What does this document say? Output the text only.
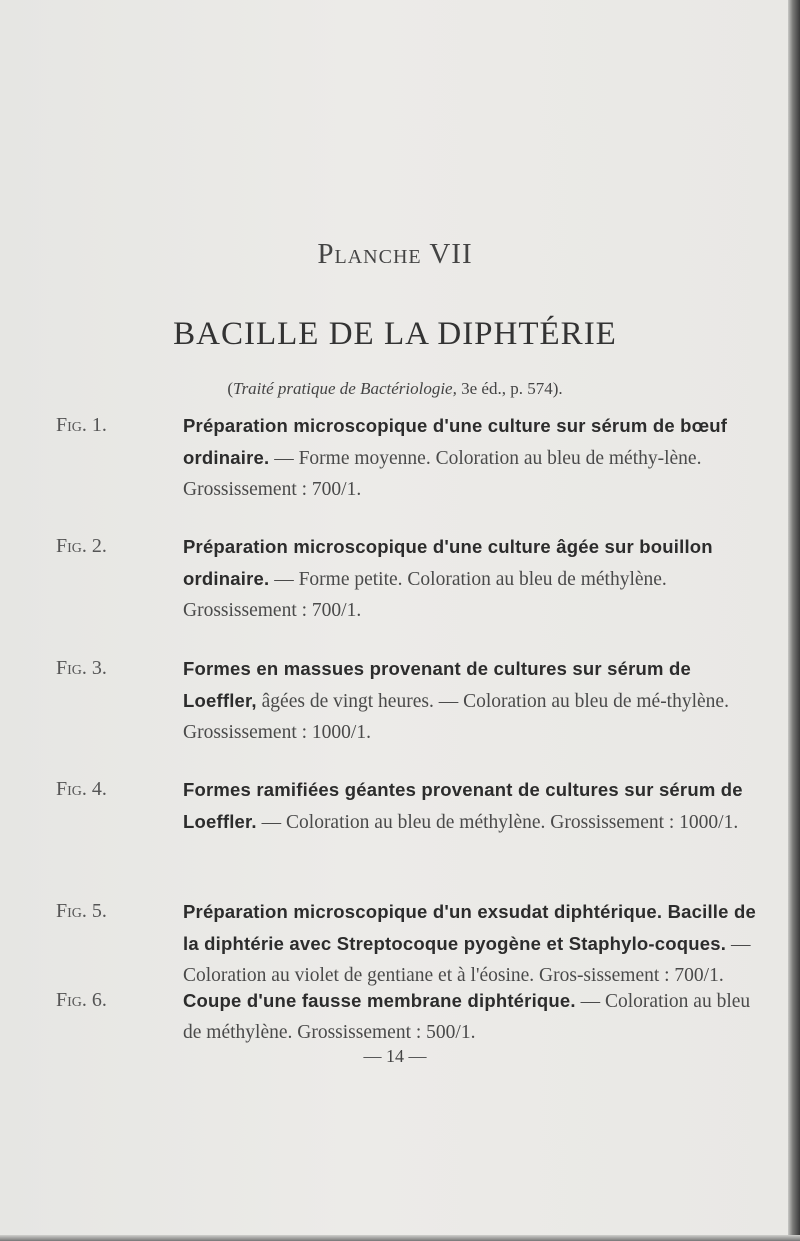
Planche VII
BACILLE DE LA DIPHTÉRIE
(Traité pratique de Bactériologie, 3e éd., p. 574).
Fig. 1.	Préparation microscopique d'une culture sur sérum de bœuf ordinaire. — Forme moyenne. Coloration au bleu de méthy-lène. Grossissement : 700/1.
Fig. 2.	Préparation microscopique d'une culture âgée sur bouillon ordinaire. — Forme petite. Coloration au bleu de méthylène. Grossissement : 700/1.
Fig. 3.	Formes en massues provenant de cultures sur sérum de Loeffler, âgées de vingt heures. — Coloration au bleu de mé-thylène. Grossissement : 1000/1.
Fig. 4.	Formes ramifiées géantes provenant de cultures sur sérum de Loeffler. — Coloration au bleu de méthylène. Grossissement : 1000/1.
Fig. 5.	Préparation microscopique d'un exsudat diphtérique. Bacille de la diphtérie avec Streptocoque pyogène et Staphylo-coques. — Coloration au violet de gentiane et à l'éosine. Gros-sissement : 700/1.
Fig. 6.	Coupe d'une fausse membrane diphtérique. — Coloration au bleu de méthylène. Grossissement : 500/1.
— 14 —
